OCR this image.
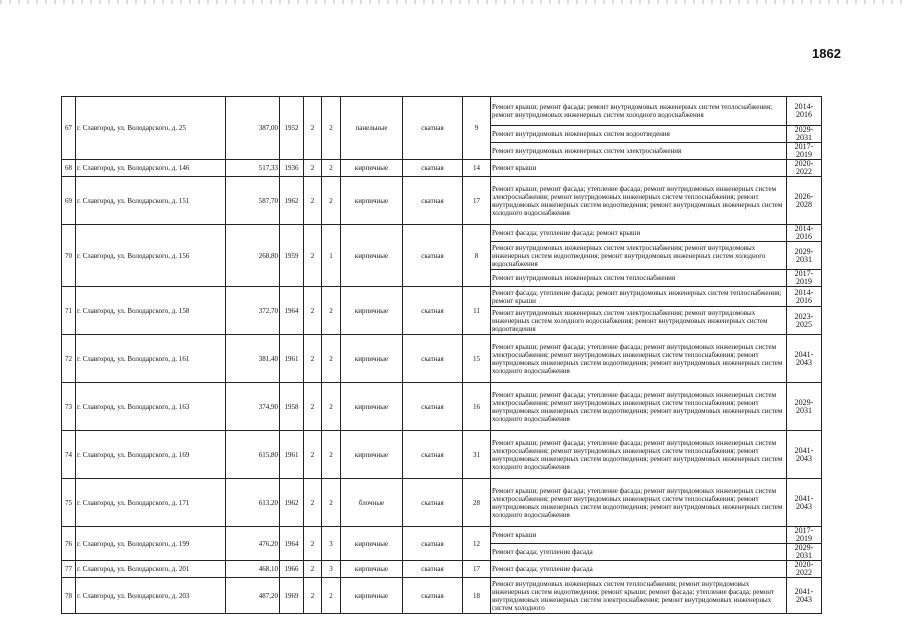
1862
67	г. Славгород, ул. Володарского, д. 25	387,00	1952	2	2	панельные	скатная	9	Ремонт крыши; ремонт фасада; ремонт внутридомовых инженерных систем теплоснабжения; ремонт внутридомовых инженерных систем холодного водоснабжения	2014-2016
									Ремонт внутридомовых инженерных систем водоотведения	2029-2031
									Ремонт внутридомовых инженерных систем электроснабжения	2017-2019
68	г. Славгород, ул. Володарского, д. 146	517,33	1936	2	2	кирпичные	скатная	14	Ремонт крыши	2020-2022
69	г. Славгород, ул. Володарского, д. 151	587,70	1962	2	2	кирпичные	скатная	17	Ремонт крыши; ремонт фасада; утепление фасада; ремонт внутридомовых инженерных систем электроснабжения; ремонт внутридомовых инженерных систем теплоснабжения; ремонт внутридомовых инженерных систем водоотведения; ремонт внутридомовых инженерных систем холодного водоснабжения	2026-2028
70	г. Славгород, ул. Володарского, д. 156	268,80	1959	2	1	кирпичные	скатная	8	Ремонт фасада; утепление фасада; ремонт крыши	2014-2016
									Ремонт внутридомовых инженерных систем электроснабжения; ремонт внутридомовых инженерных систем водоотведения; ремонт внутридомовых инженерных систем холодного водоснабжения	2029-2031
									Ремонт внутридомовых инженерных систем теплоснабжения	2017-2019
71	г. Славгород, ул. Володарского, д. 158	372,70	1964	2	2	кирпичные	скатная	11	Ремонт фасада; утепление фасада; ремонт внутридомовых инженерных систем теплоснабжения; ремонт крыши	2014-2016
									Ремонт внутридомовых инженерных систем электроснабжения; ремонт внутридомовых инженерных систем холодного водоснабжения; ремонт внутридомовых инженерных систем водоотведения	2023-2025
72	г. Славгород, ул. Володарского, д. 161	381,40	1961	2	2	кирпичные	скатная	15	Ремонт крыши; ремонт фасада; утепление фасада; ремонт внутридомовых инженерных систем электроснабжения; ремонт внутридомовых инженерных систем теплоснабжения; ремонт внутридомовых инженерных систем водоотведения; ремонт внутридомовых инженерных систем холодного водоснабжения	2041-2043
73	г. Славгород, ул. Володарского, д. 163	374,90	1958	2	2	кирпичные	скатная	16	Ремонт крыши; ремонт фасада; утепление фасада; ремонт внутридомовых инженерных систем электроснабжения; ремонт внутридомовых инженерных систем теплоснабжения; ремонт внутридомовых инженерных систем водоотведения; ремонт внутридомовых инженерных систем холодного водоснабжения	2029-2031
74	г. Славгород, ул. Володарского, д. 169	615,80	1961	2	2	кирпичные	скатная	31	Ремонт крыши; ремонт фасада; утепление фасада; ремонт внутридомовых инженерных систем электроснабжения; ремонт внутридомовых инженерных систем теплоснабжения; ремонт внутридомовых инженерных систем водоотведения; ремонт внутридомовых инженерных систем холодного водоснабжения	2041-2043
75	г. Славгород, ул. Володарского, д. 171	613,20	1962	2	2	блочные	скатная	28	Ремонт крыши; ремонт фасада; утепление фасада; ремонт внутридомовых инженерных систем электроснабжения; ремонт внутридомовых инженерных систем теплоснабжения; ремонт внутридомовых инженерных систем водоотведения; ремонт внутридомовых инженерных систем холодного водоснабжения	2041-2043
76	г. Славгород, ул. Володарского, д. 199	476,20	1964	2	3	кирпичные	скатная	12	Ремонт крыши	2017-2019
									Ремонт фасада; утепление фасада	2029-2031
77	г. Славгород, ул. Володарского, д. 201	468,10	1966	2	3	кирпичные	скатная	17	Ремонт фасада; утепление фасада	2020-2022
78	г. Славгород, ул. Володарского, д. 203	487,20	1969	2	2	кирпичные	скатная	18	Ремонт внутридомовых инженерных систем теплоснабжения; ремонт внутридомовых инженерных систем водоотведения; ремонт крыши; ремонт фасада; утепление фасада; ремонт внутридомовых инженерных систем электроснабжения; ремонт внутридомовых инженерных систем холодного	2041-2043
